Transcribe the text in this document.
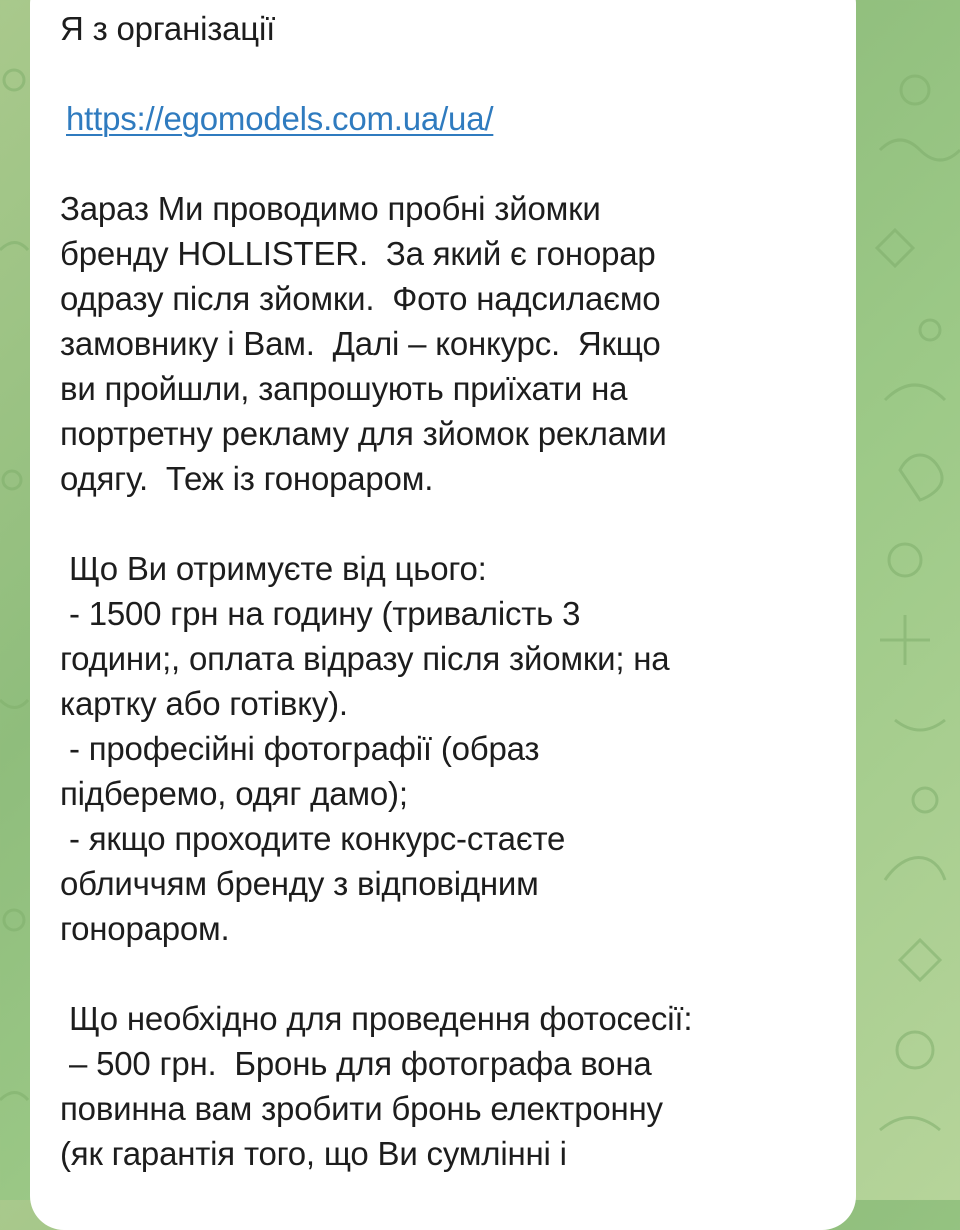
Я з організації
https://egomodels.com.ua/ua/
Зараз Ми проводимо пробні зйомки
бренду HOLLISTER.  За який є гонорар
одразу після зйомки.  Фото надсилаємо
замовнику і Вам.  Далі – конкурс.  Якщо
ви пройшли, запрошують приїхати на
портретну рекламу для зйомок реклами
одягу.  Теж із гонораром.
Що Ви отримуєте від цього:
- 1500 грн на годину (тривалість 3
години;, оплата відразу після зйомки; на
картку або готівку).
- професійні фотографії (образ
підберемо, одяг дамо);
- якщо проходите конкурс-стаєте
обличчям бренду з відповідним
гонораром.
Що необхідно для проведення фотосесії:
– 500 грн.  Бронь для фотографа вона
повинна вам зробити бронь електронну
(як гарантія того, що Ви сумлінні і
